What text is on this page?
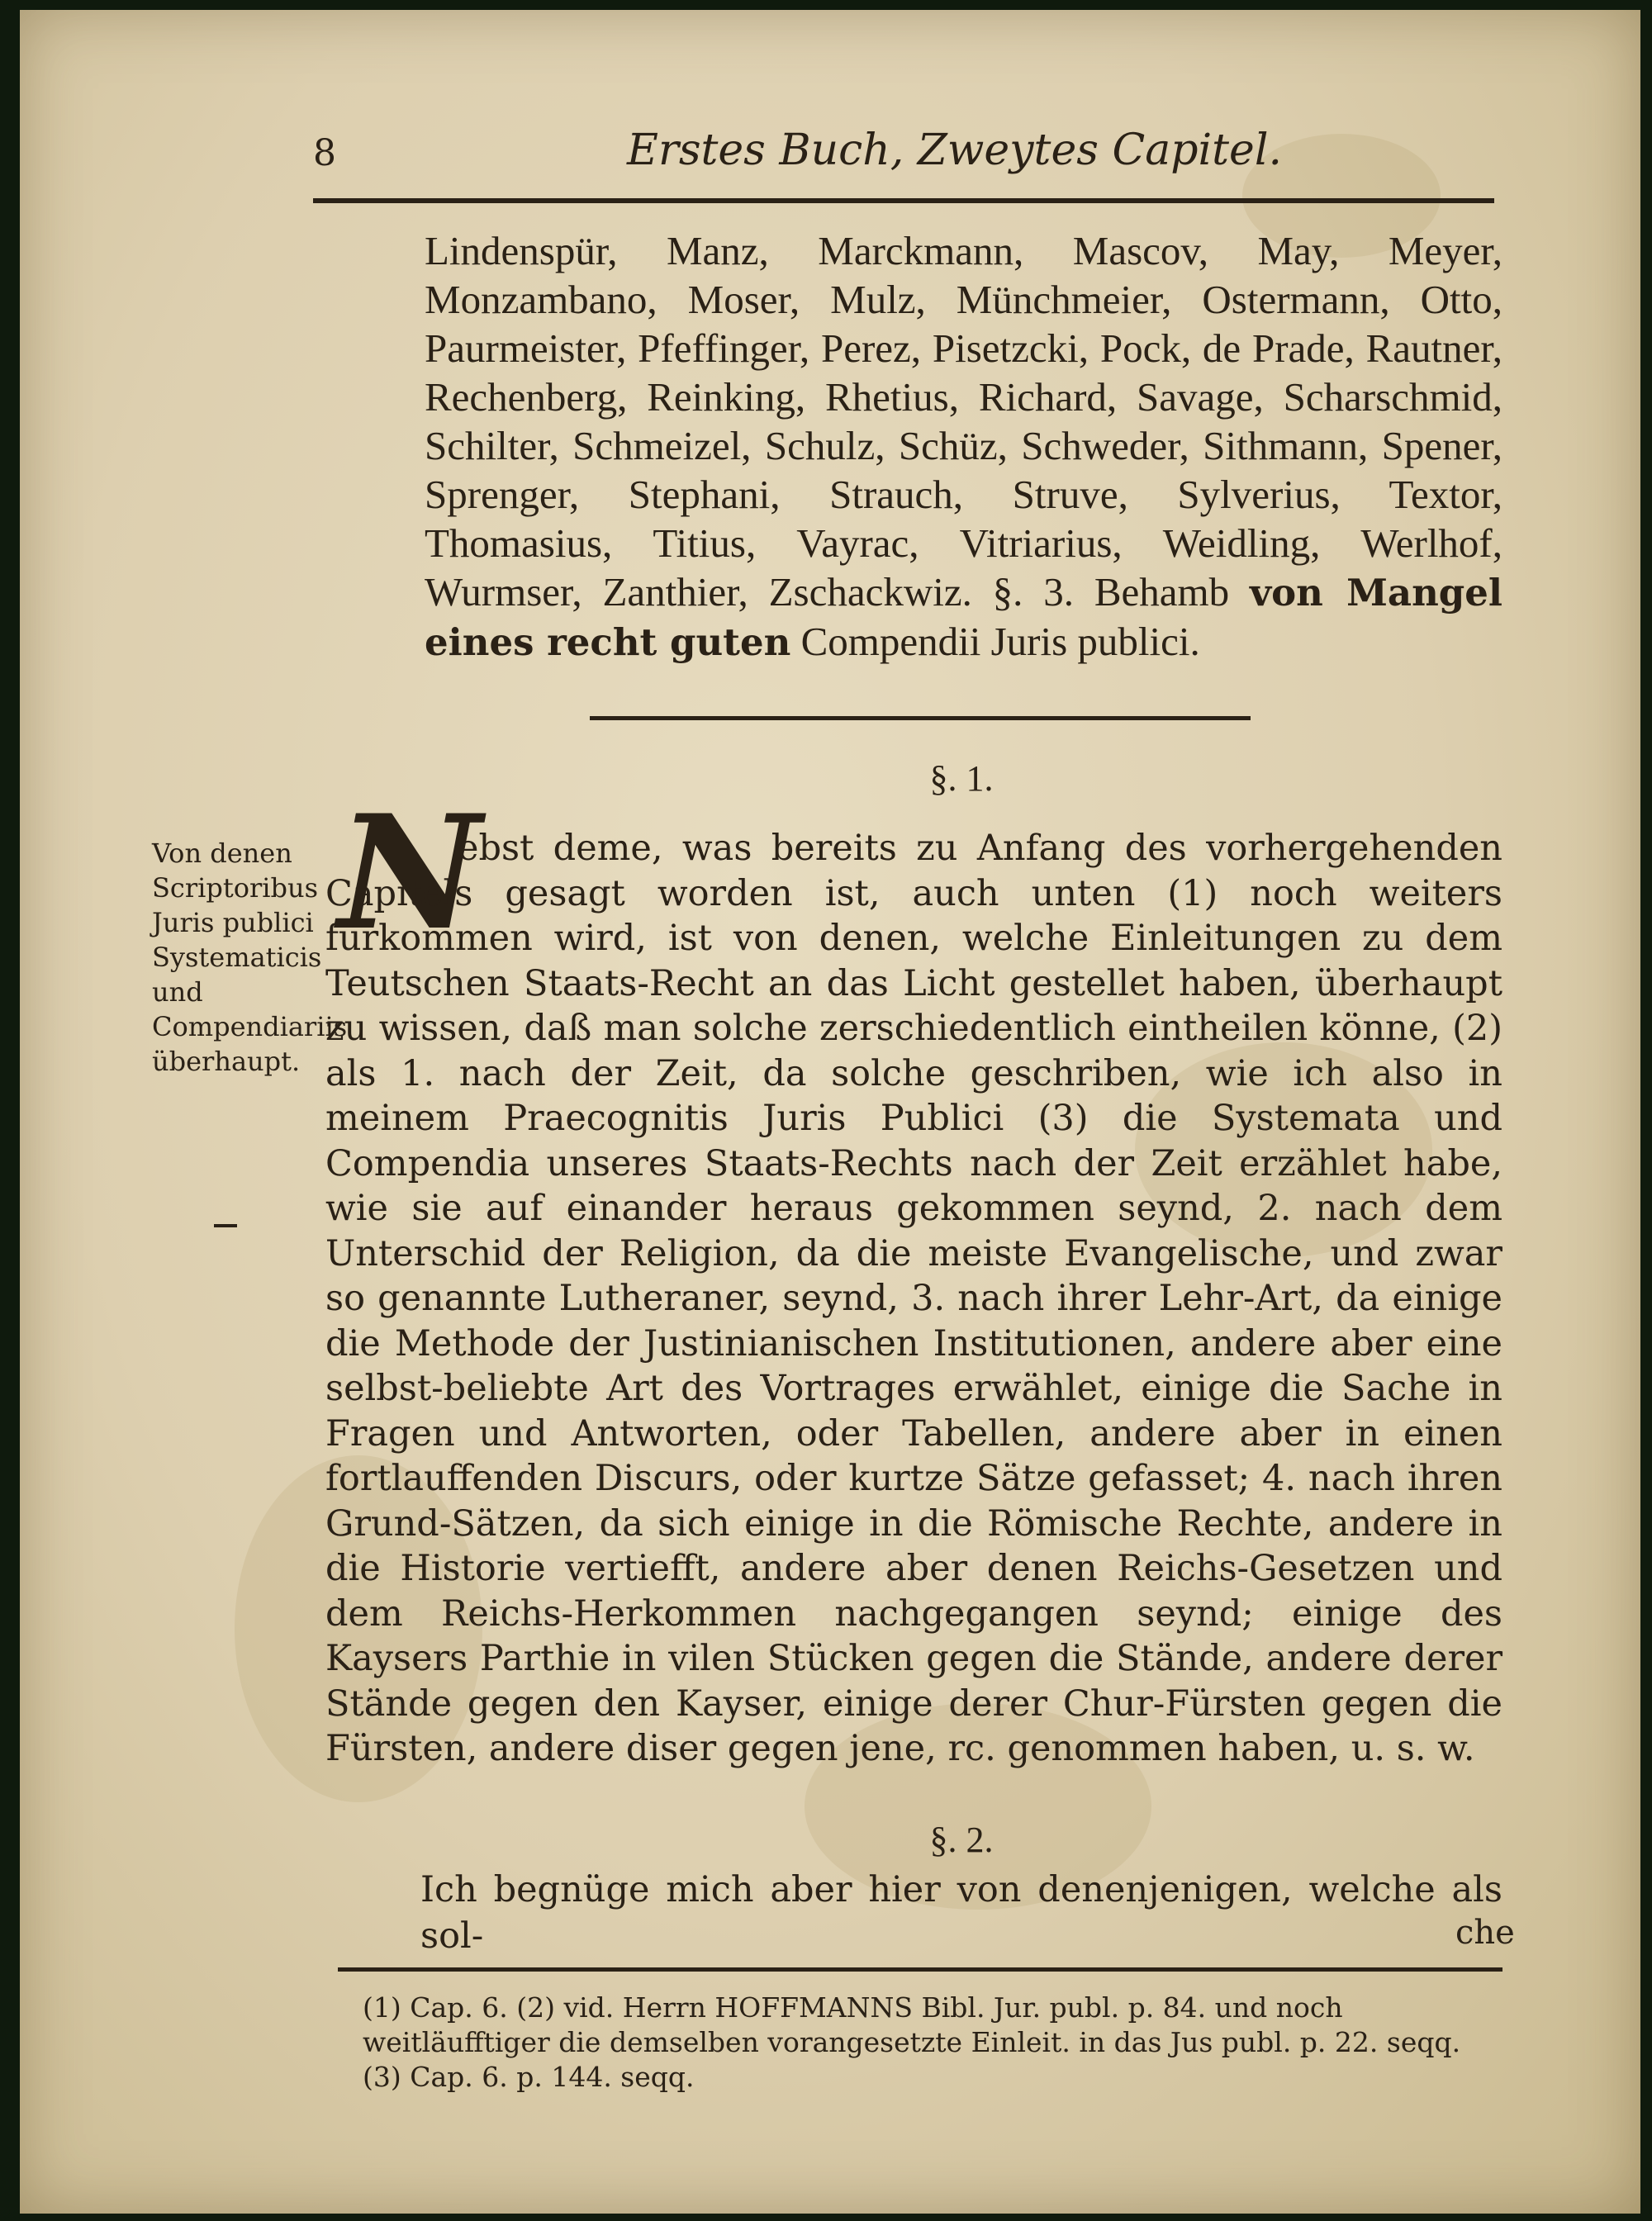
8	Erstes Buch, Zweytes Capitel.

Lindenspür, Manz, Marckmann, Mascov, May, Meyer, Monzambano, Moser, Mulz, Münchmeier, Ostermann, Otto, Paurmeister, Pfeffinger, Perez, Pisetzcki, Pock, de Prade, Rautner, Rechenberg, Reinking, Rhetius, Richard, Savage, Scharschmid, Schilter, Schmeizel, Schulz, Schüz, Schweder, Sithmann, Spener, Sprenger, Stephani, Strauch, Struve, Sylverius, Textor, Thomasius, Titius, Vayrac, Vitriarius, Weidling, Werlhof, Wurmser, Zanthier, Zschackwiz. §. 3. Behamb von Mangel eines recht guten Compendii Juris publici.

§. 1.

Von denen Scriptoribus Juris publici Systematicis und Compendiariis überhaupt.

N

ebst deme, was bereits zu Anfang des vorhergehenden Capitels gesagt worden ist, auch unten (1) noch weiters fürkommen wird, ist von denen, welche Einleitungen zu dem Teutschen Staats-Recht an das Licht gestellet haben, überhaupt zu wissen, daß man solche zerschiedentlich eintheilen könne, (2) als 1. nach der Zeit, da solche geschriben, wie ich also in meinem Praecognitis Juris Publici (3) die Systemata und Compendia unseres Staats-Rechts nach der Zeit erzählet habe, wie sie auf einander heraus gekommen seynd, 2. nach dem Unterschid der Religion, da die meiste Evangelische, und zwar so genannte Lutheraner, seynd, 3. nach ihrer Lehr-Art, da einige die Methode der Justinianischen Institutionen, andere aber eine selbst-beliebte Art des Vortrages erwählet, einige die Sache in Fragen und Antworten, oder Tabellen, andere aber in einen fortlauffenden Discurs, oder kurtze Sätze gefasset; 4. nach ihren Grund-Sätzen, da sich einige in die Römische Rechte, andere in die Historie vertiefft, andere aber denen Reichs-Gesetzen und dem Reichs-Herkommen nachgegangen seynd; einige des Kaysers Parthie in vilen Stücken gegen die Stände, andere derer Stände gegen den Kayser, einige derer Chur-Fürsten gegen die Fürsten, andere diser gegen jene, rc. genommen haben, u. s. w.

§. 2.

Ich begnüge mich aber hier von denenjenigen, welche als sol-	che

(1) Cap. 6. (2) vid. Herrn HOFFMANNS Bibl. Jur. publ. p. 84. und noch weitläufftiger die demselben vorangesetzte Einleit. in das Jus publ. p. 22. seqq. (3) Cap. 6. p. 144. seqq.
